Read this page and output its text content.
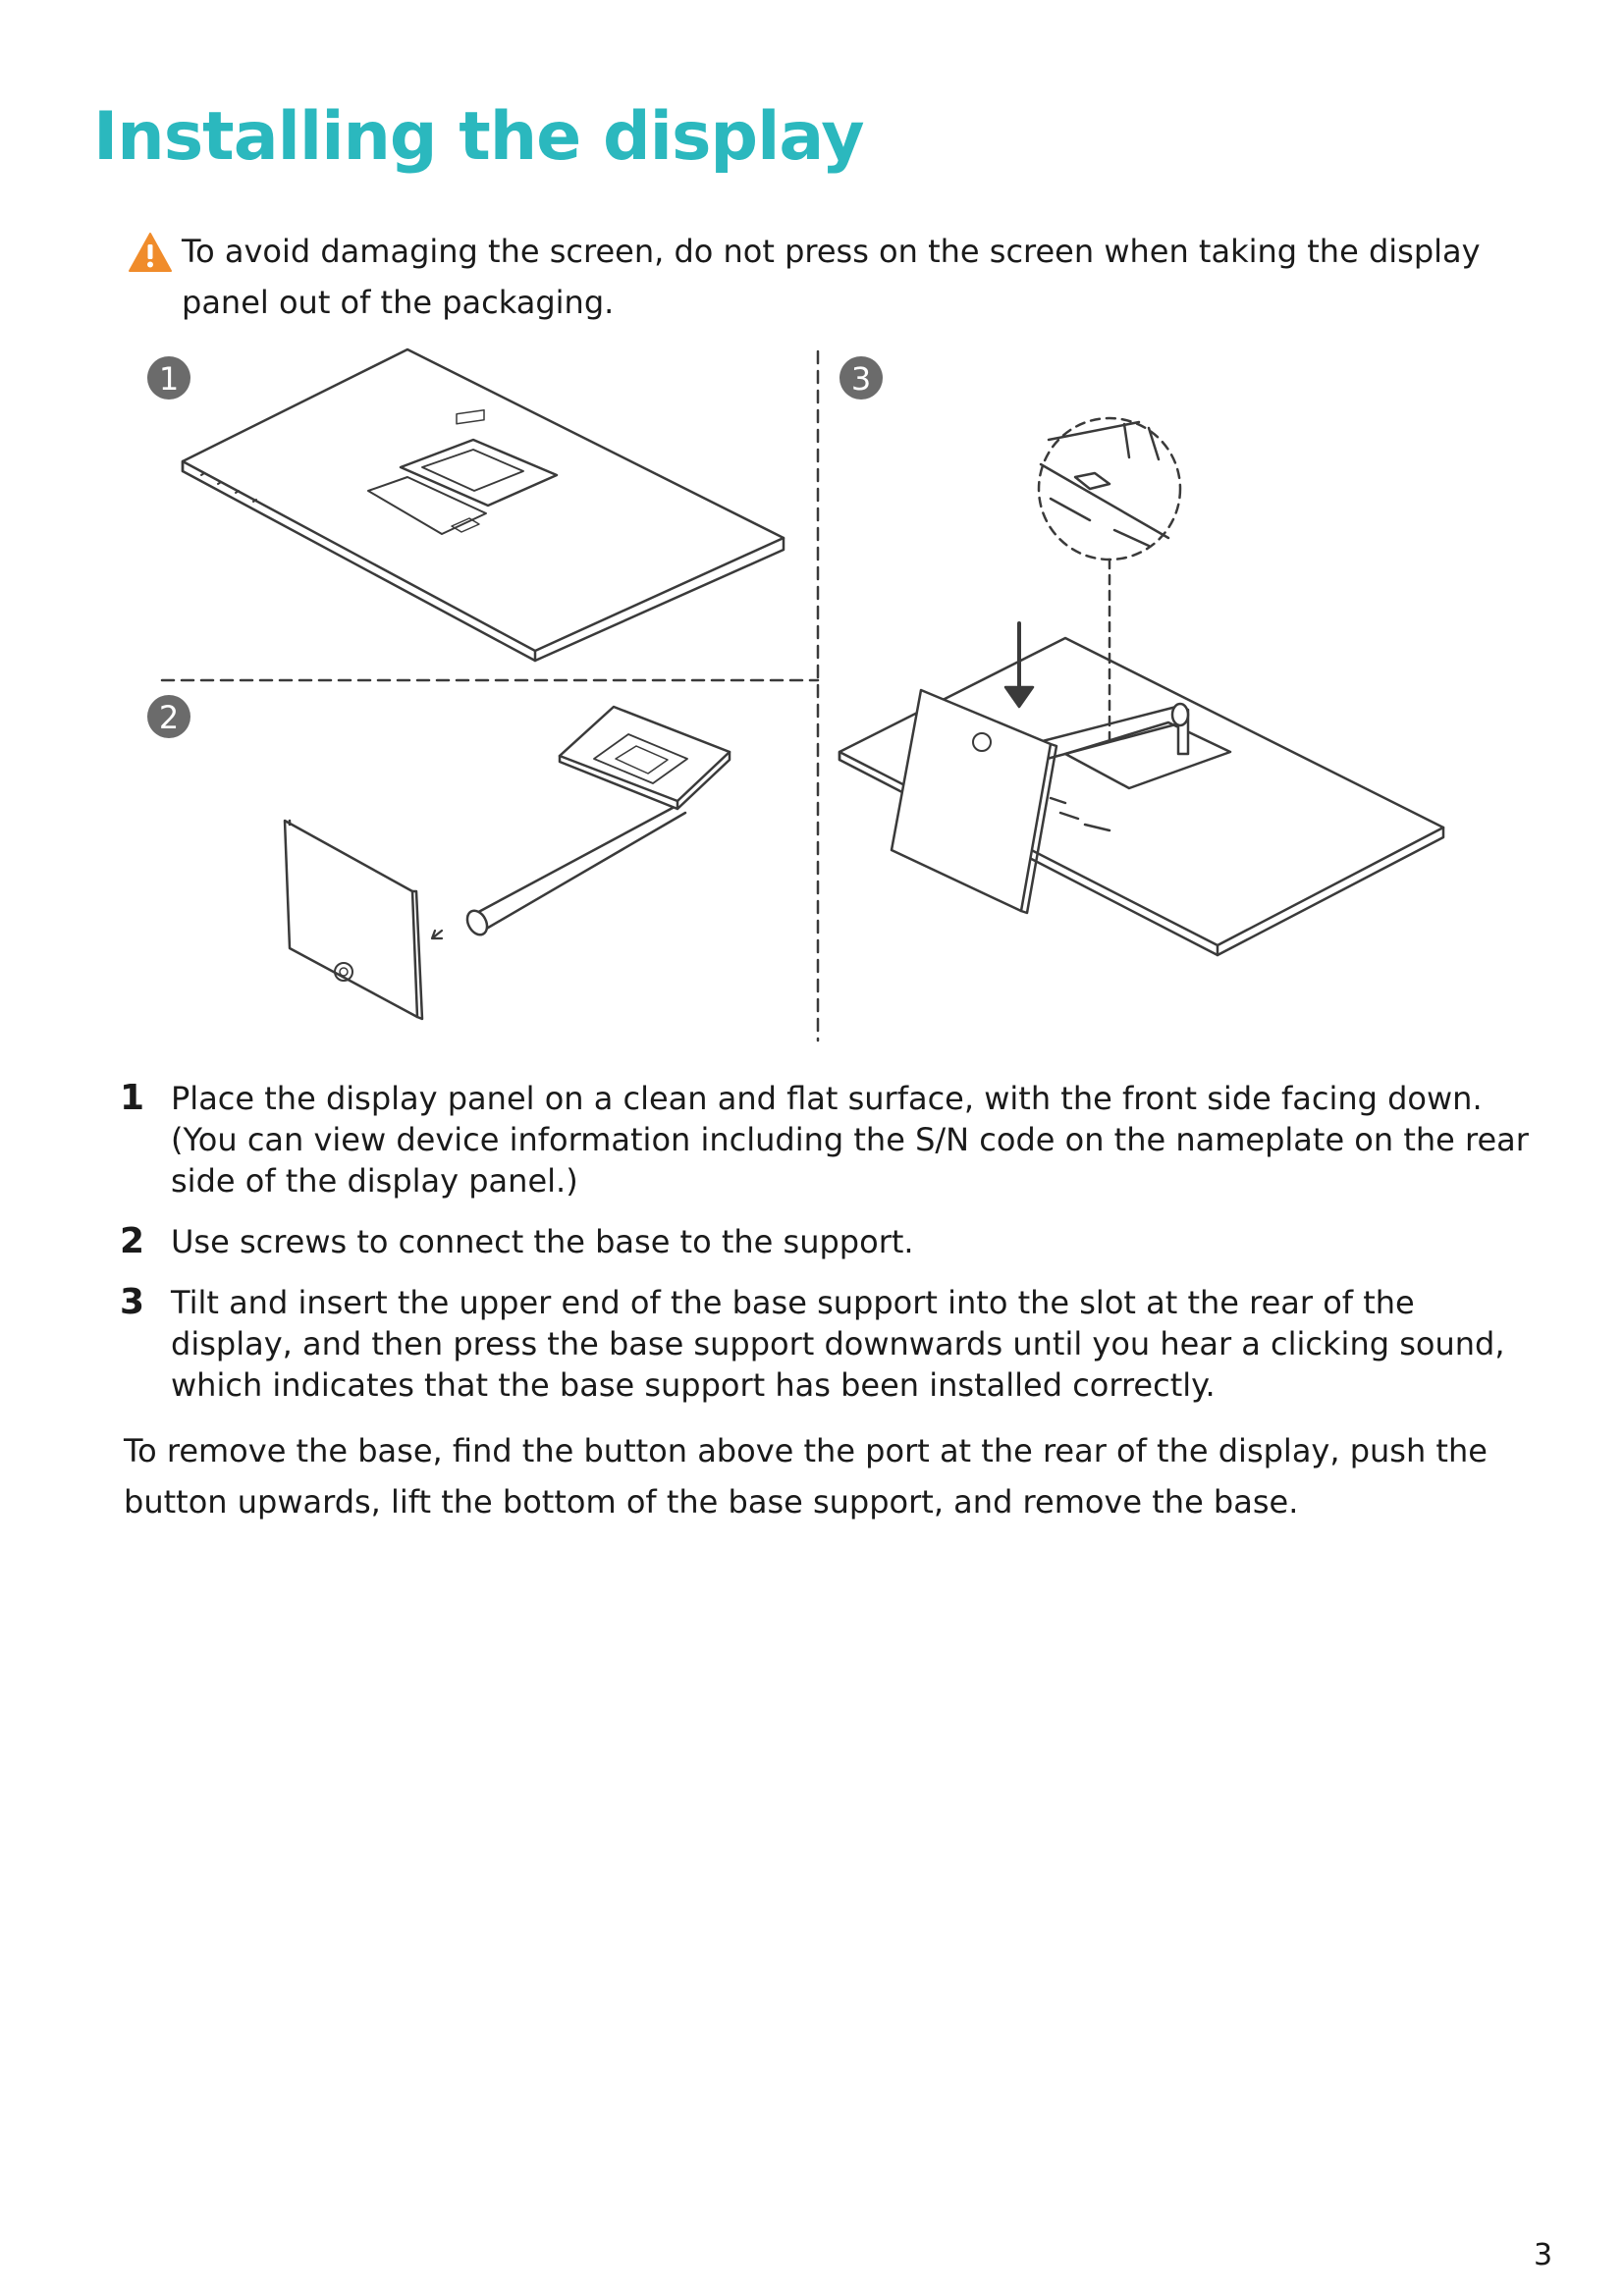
Installing the display
To avoid damaging the screen, do not press on the screen when taking the display panel out of the packaging.
1
2
3
1 Place the display panel on a clean and flat surface, with the front side facing down. (You can view device information including the S/N code on the nameplate on the rear side of the display panel.)
2 Use screws to connect the base to the support.
3 Tilt and insert the upper end of the base support into the slot at the rear of the display, and then press the base support downwards until you hear a clicking sound, which indicates that the base support has been installed correctly.
To remove the base, find the button above the port at the rear of the display, push the button upwards, lift the bottom of the base support, and remove the base.
3
